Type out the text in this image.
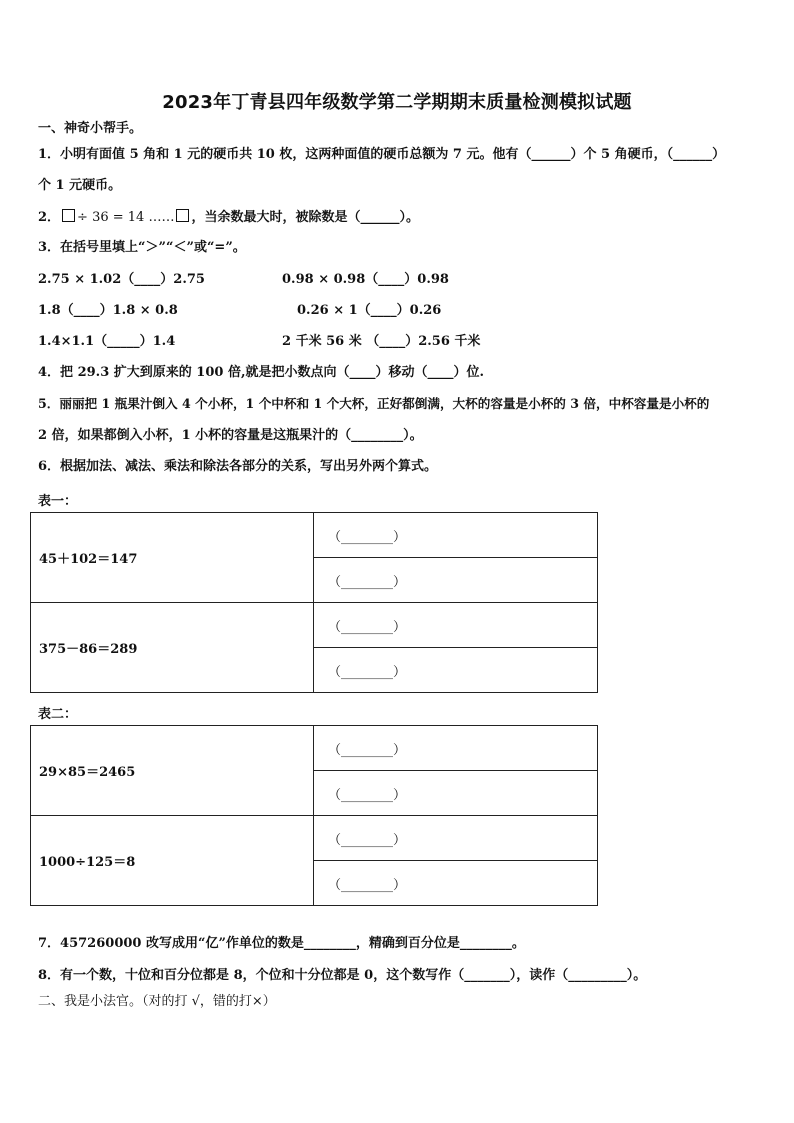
2023年丁青县四年级数学第二学期期末质量检测模拟试题
一、神奇小帮手。
1．小明有面值 5 角和 1 元的硬币共 10 枚，这两种面值的硬币总额为 7 元。他有（______）个 5 角硬币，（______）
个 1 元硬币。
2． ÷ 36 = 14 …… ，当余数最大时，被除数是（______）。
3．在括号里填上“＞”“＜”或“=”。
2.75 × 1.02（____）2.75	0.98 × 0.98（____）0.98
1.8（____）1.8 × 0.8	0.26 × 1（____）0.26
1.4×1.1（_____）1.4	2 千米 56 米 （____）2.56 千米
4．把 29.3 扩大到原来的 100 倍,就是把小数点向（____）移动（____）位.
5．丽丽把 1 瓶果汁倒入 4 个小杯，1 个中杯和 1 个大杯，正好都倒满，大杯的容量是小杯的 3 倍，中杯容量是小杯的
2 倍，如果都倒入小杯，1 小杯的容量是这瓶果汁的（________）。
6．根据加法、减法、乘法和除法各部分的关系，写出另外两个算式。
表一：
45＋102＝147	（________）
	（________）
375－86＝289	（________）
	（________）
表二：
29×85＝2465	（________）
	（________）
1000÷125＝8	（________）
	（________）
7．457260000 改写成用“亿”作单位的数是________，精确到百分位是________。
8．有一个数，十位和百分位都是 8，个位和十分位都是 0，这个数写作（_______），读作（_________）。
二、我是小法官。（对的打 √，错的打×）
